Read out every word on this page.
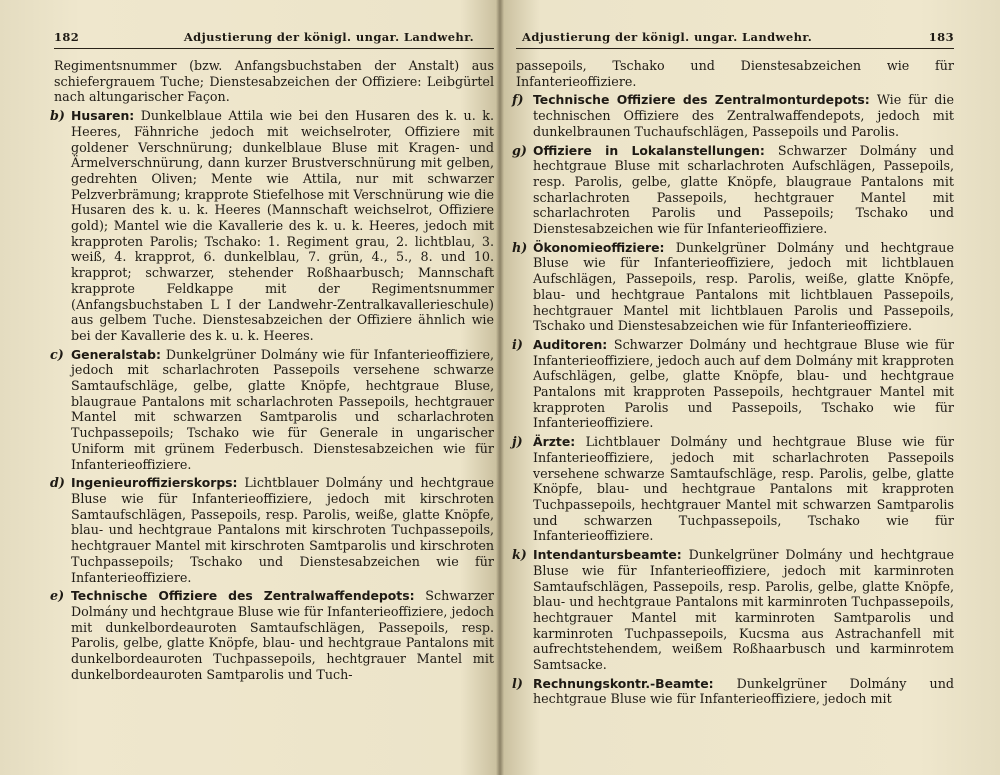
182	Adjustierung der königl. ungar. Landwehr.

Regimentsnummer (bzw. Anfangsbuchstaben der Anstalt) aus schiefergrauem Tuche; Dienstesabzeichen der Offiziere: Leibgürtel nach altungarischer Façon.

b) Husaren: Dunkelblaue Attila wie bei den Husaren des k. u. k. Heeres, Fähnriche jedoch mit weichselroter, Offiziere mit goldener Verschnürung; dunkelblaue Bluse mit Kragen- und Ärmelverschnürung, dann kurzer Brustverschnürung mit gelben, gedrehten Oliven; Mente wie Attila, nur mit schwarzer Pelzverbrämung; krapprote Stiefelhose mit Verschnürung wie die Husaren des k. u. k. Heeres (Mannschaft weichselrot, Offiziere gold); Mantel wie die Kavallerie des k. u. k. Heeres, jedoch mit krapproten Parolis; Tschako: 1. Regiment grau, 2. lichtblau, 3. weiß, 4. krapprot, 6. dunkelblau, 7. grün, 4., 5., 8. und 10. krapprot; schwarzer, stehender Roßhaarbusch; Mannschaft krapprote Feldkappe mit der Regimentsnummer (Anfangsbuchstaben L I der Landwehr-Zentralkavallerieschule) aus gelbem Tuche. Dienstesabzeichen der Offiziere ähnlich wie bei der Kavallerie des k. u. k. Heeres.
c) Generalstab: Dunkelgrüner Dolmány wie für Infanterieoffiziere, jedoch mit scharlachroten Passepoils versehene schwarze Samtaufschläge, gelbe, glatte Knöpfe, hechtgraue Bluse, blaugraue Pantalons mit scharlachroten Passepoils, hechtgrauer Mantel mit schwarzen Samtparolis und scharlachroten Tuchpassepoils; Tschako wie für Generale in ungarischer Uniform mit grünem Federbusch. Dienstesabzeichen wie für Infanterieoffiziere.
d) Ingenieuroffizierskorps: Lichtblauer Dolmány und hechtgraue Bluse wie für Infanterieoffiziere, jedoch mit kirschroten Samtaufschlägen, Passepoils, resp. Parolis, weiße, glatte Knöpfe, blau- und hechtgraue Pantalons mit kirschroten Tuchpassepoils, hechtgrauer Mantel mit kirschroten Samtparolis und kirschroten Tuchpassepoils; Tschako und Dienstesabzeichen wie für Infanterieoffiziere.
e) Technische Offiziere des Zentralwaffendepots: Schwarzer Dolmány und hechtgraue Bluse wie für Infanterieoffiziere, jedoch mit dunkelbordeauroten Samtaufschlägen, Passepoils, resp. Parolis, gelbe, glatte Knöpfe, blau- und hechtgraue Pantalons mit dunkelbordeauroten Tuchpassepoils, hechtgrauer Mantel mit dunkelbordeauroten Samtparolis und Tuch-
Adjustierung der königl. ungar. Landwehr.	183

passepoils, Tschako und Dienstesabzeichen wie für Infanterieoffiziere.

f) Technische Offiziere des Zentralmonturdepots: Wie für die technischen Offiziere des Zentralwaffendepots, jedoch mit dunkelbraunen Tuchaufschlägen, Passepoils und Parolis.
g) Offiziere in Lokalanstellungen: Schwarzer Dolmány und hechtgraue Bluse mit scharlachroten Aufschlägen, Passepoils, resp. Parolis, gelbe, glatte Knöpfe, blaugraue Pantalons mit scharlachroten Passepoils, hechtgrauer Mantel mit scharlachroten Parolis und Passepoils; Tschako und Dienstesabzeichen wie für Infanterieoffiziere.
h) Ökonomieoffiziere: Dunkelgrüner Dolmány und hechtgraue Bluse wie für Infanterieoffiziere, jedoch mit lichtblauen Aufschlägen, Passepoils, resp. Parolis, weiße, glatte Knöpfe, blau- und hechtgraue Pantalons mit lichtblauen Passepoils, hechtgrauer Mantel mit lichtblauen Parolis und Passepoils, Tschako und Dienstesabzeichen wie für Infanterieoffiziere.
i) Auditoren: Schwarzer Dolmány und hechtgraue Bluse wie für Infanterieoffiziere, jedoch auch auf dem Dolmány mit krapproten Aufschlägen, gelbe, glatte Knöpfe, blau- und hechtgraue Pantalons mit krapproten Passepoils, hechtgrauer Mantel mit krapproten Parolis und Passepoils, Tschako wie für Infanterieoffiziere.
j) Ärzte: Lichtblauer Dolmány und hechtgraue Bluse wie für Infanterieoffiziere, jedoch mit scharlachroten Passepoils versehene schwarze Samtaufschläge, resp. Parolis, gelbe, glatte Knöpfe, blau- und hechtgraue Pantalons mit krapproten Tuchpassepoils, hechtgrauer Mantel mit schwarzen Samtparolis und schwarzen Tuchpassepoils, Tschako wie für Infanterieoffiziere.
k) Intendantursbeamte: Dunkelgrüner Dolmány und hechtgraue Bluse wie für Infanterieoffiziere, jedoch mit karminroten Samtaufschlägen, Passepoils, resp. Parolis, gelbe, glatte Knöpfe, blau- und hechtgraue Pantalons mit karminroten Tuchpassepoils, hechtgrauer Mantel mit karminroten Samtparolis und karminroten Tuchpassepoils, Kucsma aus Astrachanfell mit aufrechtstehendem, weißem Roßhaarbusch und karminrotem Samtsacke.
l) Rechnungskontr.-Beamte: Dunkelgrüner Dolmány und hechtgraue Bluse wie für Infanterieoffiziere, jedoch mit
